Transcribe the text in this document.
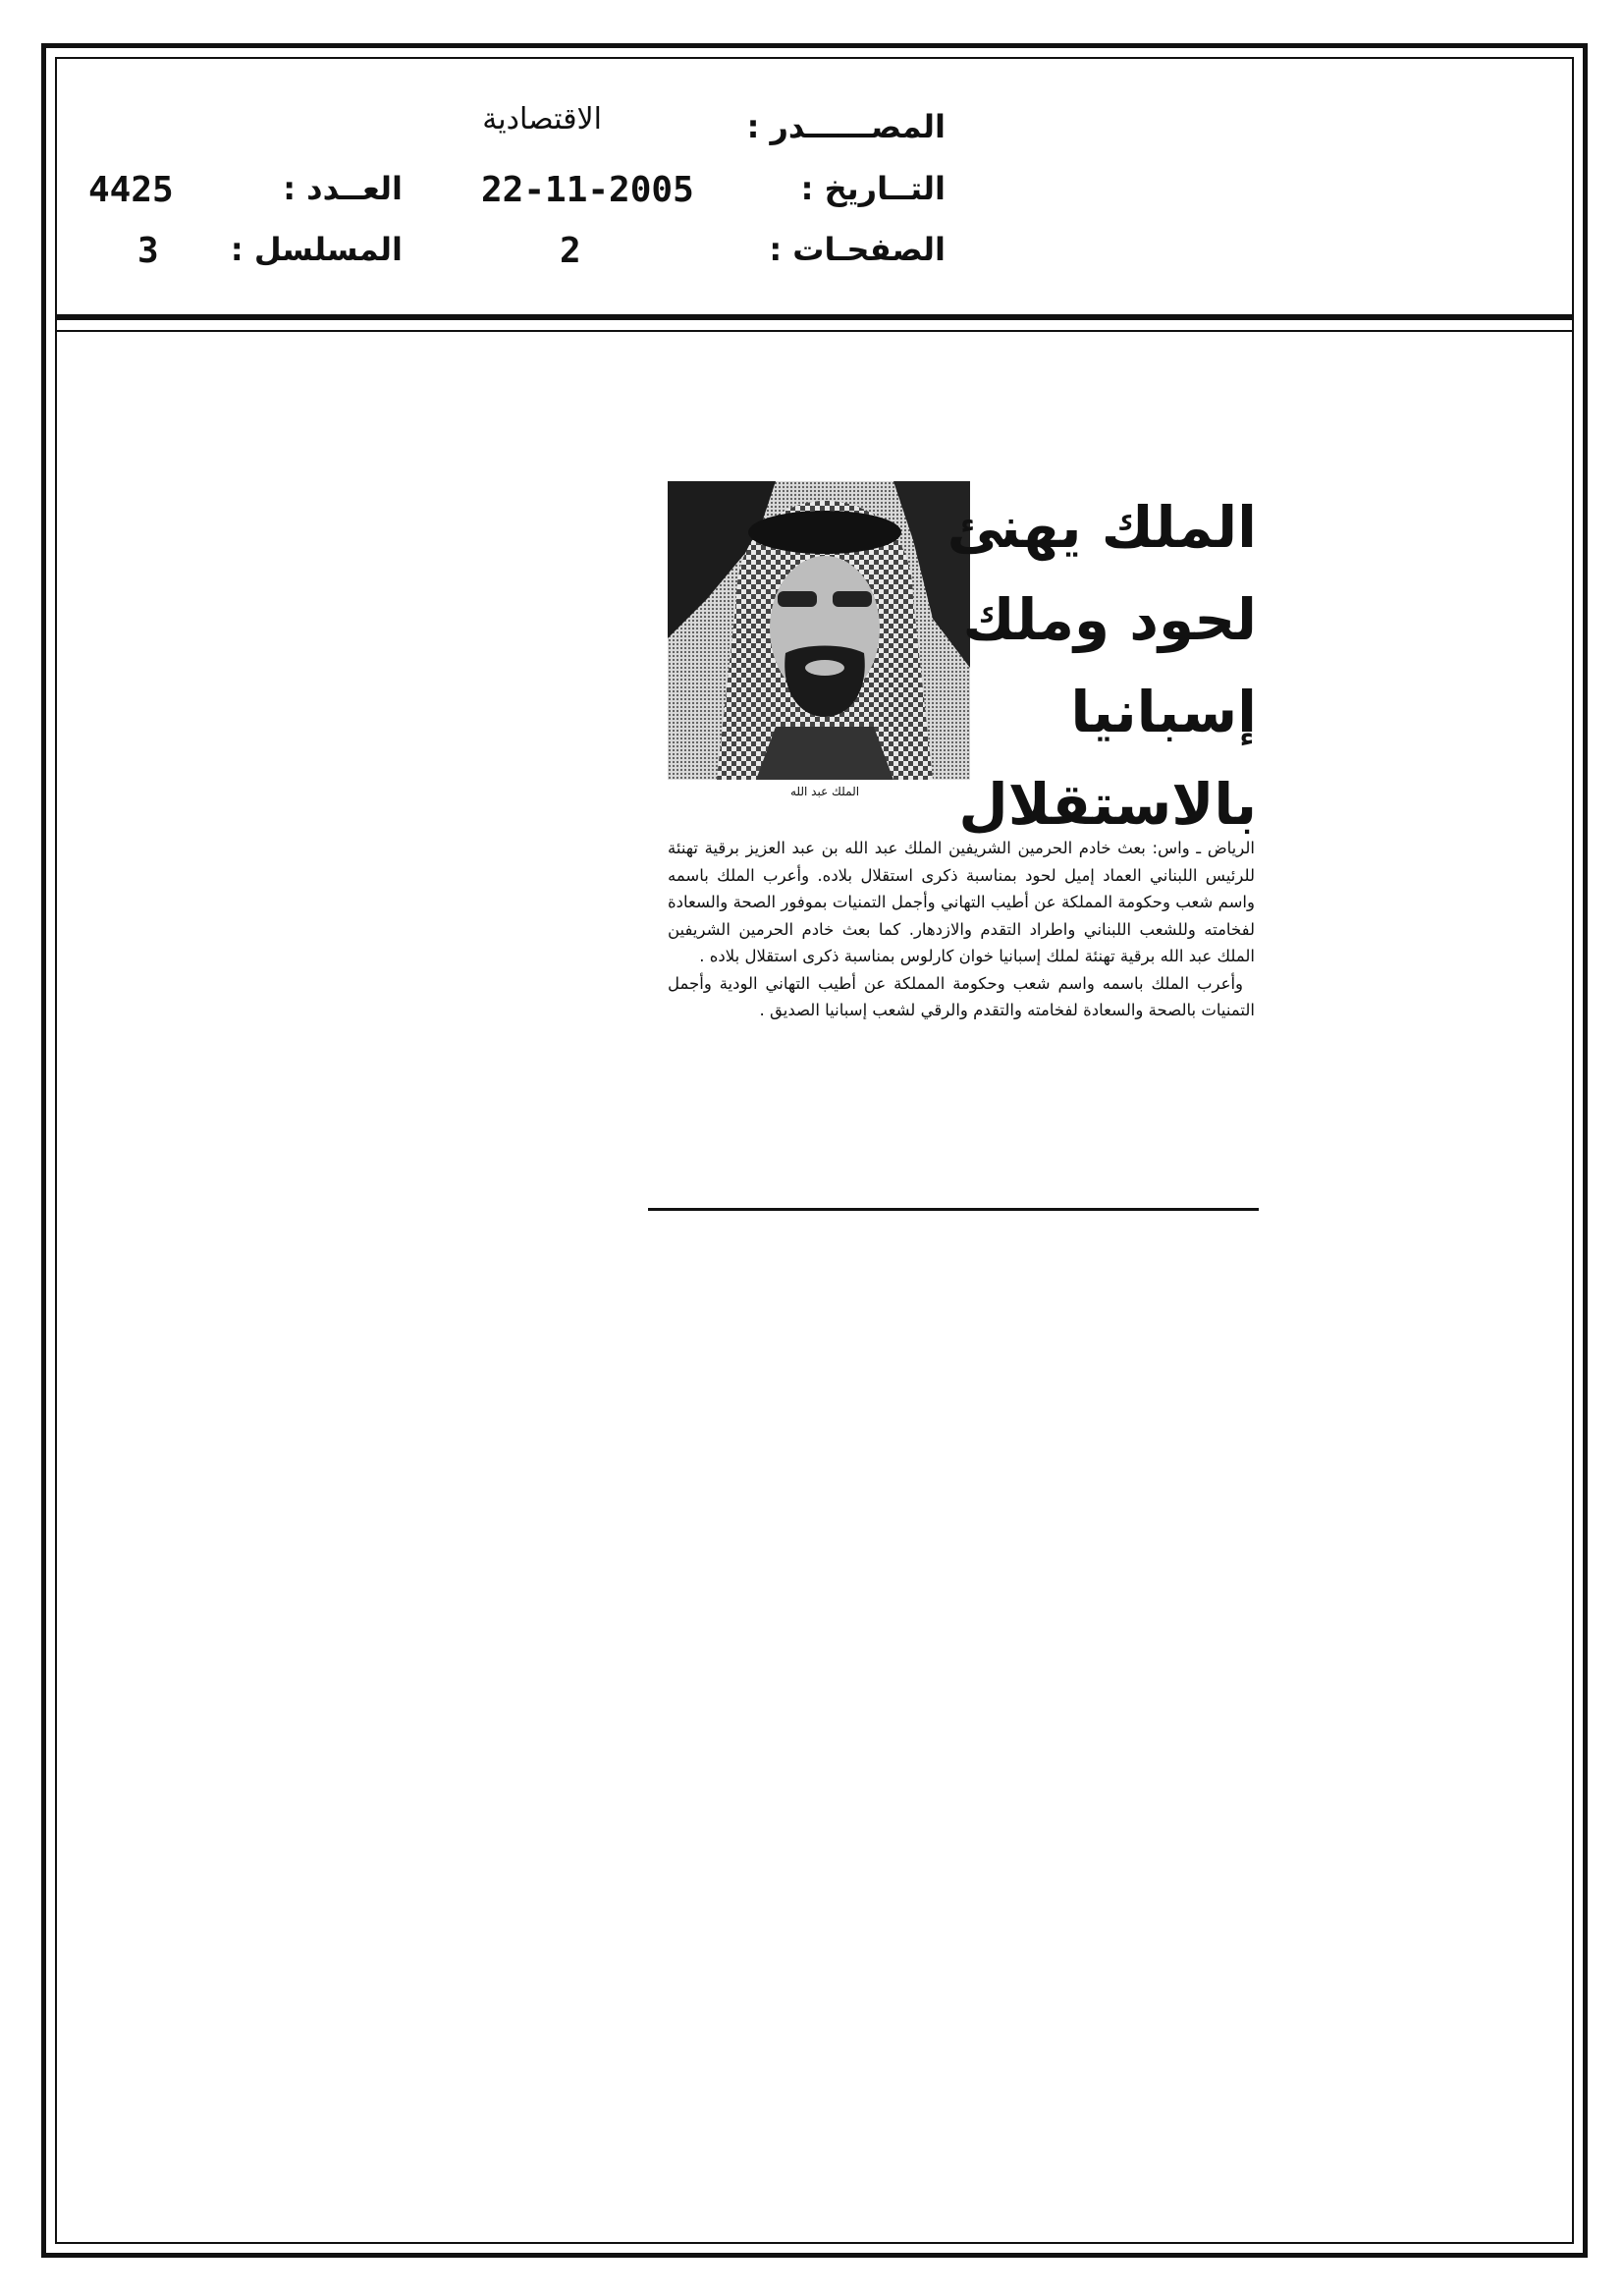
المصــــــدر :
الاقتصادية
التــاريخ :
22-11-2005
العــدد :
4425
الصفحـات :
2
المسلسل :
3
الملك عبد الله
الملك يهنئ
لحود وملك
إسبانيا
بالاستقلال

الرياض ـ واس: بعث خادم الحرمين الشريفين الملك عبد الله بن عبد العزيز برقية تهنئة للرئيس اللبناني العماد إميل لحود بمناسبة ذكرى استقلال بلاده. وأعرب الملك باسمه واسم شعب وحكومة المملكة عن أطيب التهاني وأجمل التمنيات بموفور الصحة والسعادة لفخامته وللشعب اللبناني واطراد التقدم والازدهار. كما بعث خادم الحرمين الشريفين الملك عبد الله برقية تهنئة لملك إسبانيا خوان كارلوس بمناسبة ذكرى استقلال بلاده .

وأعرب الملك باسمه واسم شعب وحكومة المملكة عن أطيب التهاني الودية وأجمل التمنيات بالصحة والسعادة لفخامته والتقدم والرقي لشعب إسبانيا الصديق .
